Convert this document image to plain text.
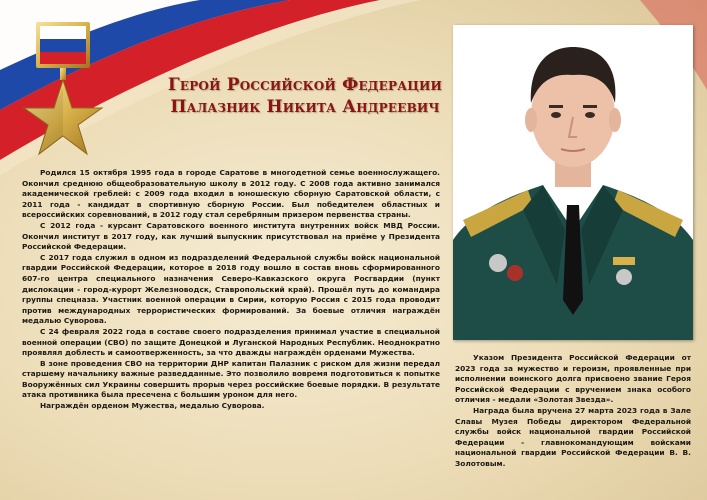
Герой Российской Федерации
Палазник Никита Андреевич

Родился 15 октября 1995 года в городе Саратове в многодетной семье военнослужащего. Окончил среднюю общеобразовательную школу в 2012 году. С 2008 года активно занимался академической греблей: с 2009 года входил в юношескую сборную Саратовской области, с 2011 года - кандидат в спортивную сборную России. Был победителем областных и всероссийских соревнований, в 2012 году стал серебряным призером первенства страны.

С 2012 года - курсант Саратовского военного института внутренних войск МВД России. Окончил институт в 2017 году, как лучший выпускник присутствовал на приёме у Президента Российской Федерации.

С 2017 года служил в одном из подразделений Федеральной службы войск национальной гвардии Российской Федерации, которое в 2018 году вошло в состав вновь сформированного 607-го центра специального назначения Северо-Кавказского округа Росгвардии (пункт дислокации - город-курорт Железноводск, Ставропольский край). Прошёл путь до командира группы спецназа. Участник военной операции в Сирии, которую Россия с 2015 года проводит против международных террористических формирований. За боевые отличия награждён медалью Суворова.

С 24 февраля 2022 года в составе своего подразделения принимал участие в специальной военной операции (СВО) по защите Донецкой и Луганской Народных Республик. Неоднократно проявлял доблесть и самоотверженность, за что дважды награждён орденами Мужества.

В зоне проведения СВО на территории ДНР капитан Палазник с риском для жизни передал старшему начальнику важные разведданные. Это позволило вовремя подготовиться к попытке Вооружённых сил Украины совершить прорыв через российские боевые порядки. В результате атака противника была пресечена с большим уроном для него.

Награждён орденом Мужества, медалью Суворова.

Указом Президента Российской Федерации от 2023 года за мужество и героизм, проявленные при исполнении воинского долга присвоено звание Героя Российской Федерации с вручением знака особого отличия - медали «Золотая Звезда».

Награда была вручена 27 марта 2023 года в Зале Славы Музея Победы директором Федеральной службы войск национальной гвардии Российской Федерации - главнокомандующим войсками национальной гвардии Российской Федерации В. В. Золотовым.
